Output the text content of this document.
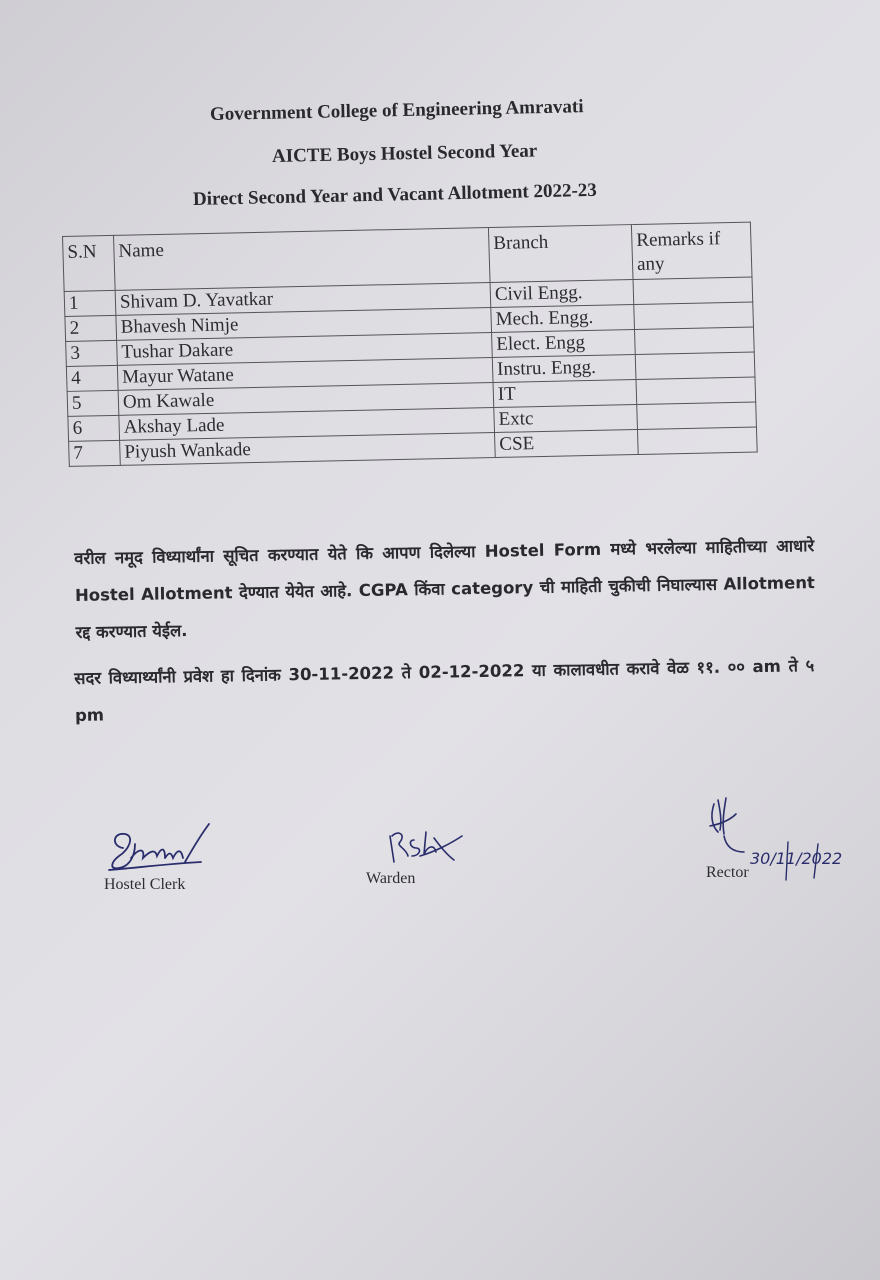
Government College of Engineering Amravati
AICTE Boys Hostel Second Year
Direct Second Year and Vacant Allotment 2022-23
S.N	Name	Branch	Remarks if any
1	Shivam D. Yavatkar	Civil Engg.	
2	Bhavesh Nimje	Mech. Engg.	
3	Tushar Dakare	Elect. Engg	
4	Mayur Watane	Instru. Engg.	
5	Om Kawale	IT	
6	Akshay Lade	Extc	
7	Piyush Wankade	CSE	
वरील नमूद विध्यार्थांना सूचित करण्यात येते कि आपण दिलेल्या Hostel Form मध्ये भरलेल्या माहितीच्या आधारे Hostel Allotment देण्यात येयेत आहे. CGPA किंवा category ची माहिती चुकीची निघाल्यास Allotment रद्द करण्यात येईल.
सदर विध्यार्थ्यांनी प्रवेश हा दिनांक 30-11-2022 ते 02-12-2022 या कालावधीत करावे वेळ ११. ०० am ते ५ pm
Hostel Clerk	Warden
30/11/2022
Rector
